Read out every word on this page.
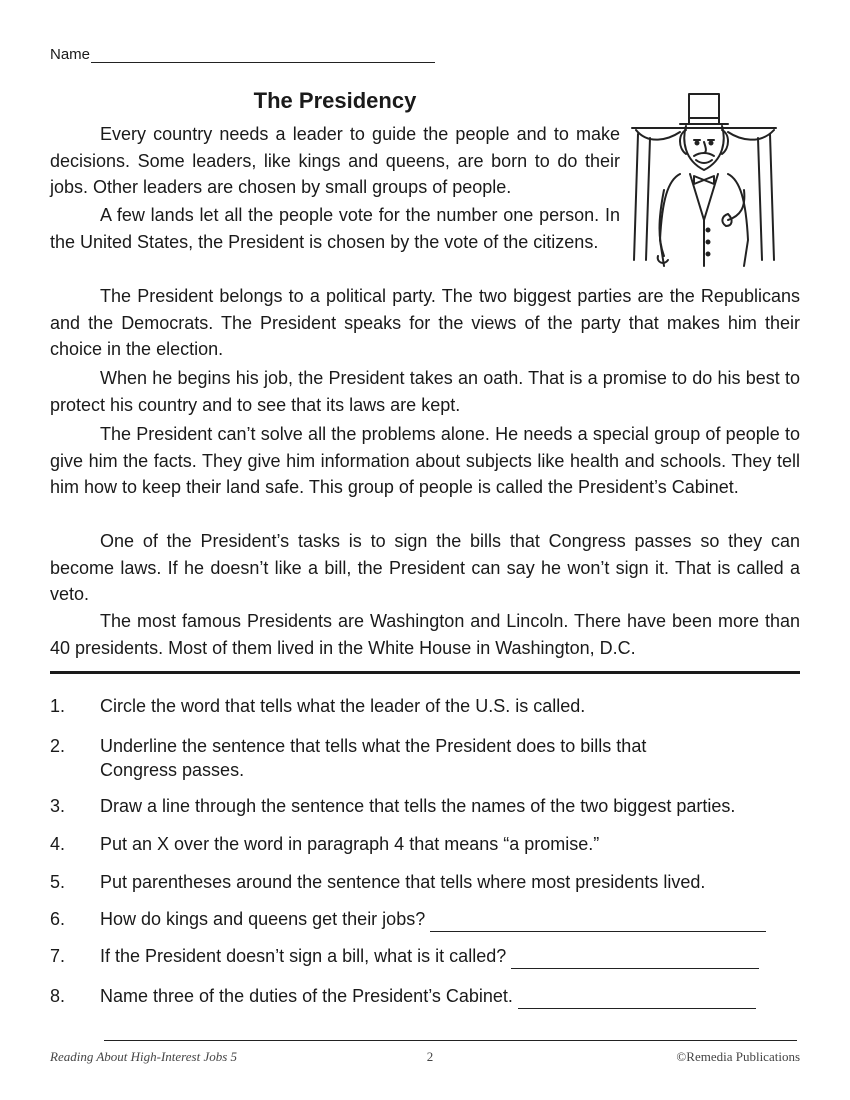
Name
The Presidency

Every country needs a leader to guide the people and to make decisions. Some leaders, like kings and queens, are born to do their jobs. Other leaders are chosen by small groups of people.

A few lands let all the people vote for the number one person. In the United States, the President is chosen by the vote of the citizens.

The President belongs to a political party. The two biggest parties are the Republicans and the Democrats. The President speaks for the views of the party that makes him their choice in the election.

When he begins his job, the President takes an oath. That is a promise to do his best to protect his country and to see that its laws are kept.

The President can’t solve all the problems alone. He needs a special group of people to give him the facts. They give him information about subjects like health and schools. They tell him how to keep their land safe. This group of people is called the President’s Cabinet.

One of the President’s tasks is to sign the bills that Congress passes so they can become laws. If he doesn’t like a bill, the President can say he won’t sign it. That is called a veto.

The most famous Presidents are Washington and Lincoln. There have been more than 40 presidents. Most of them lived in the White House in Washington, D.C.

1. Circle the word that tells what the leader of the U.S. is called.
2. Underline the sentence that tells what the President does to bills that
Congress passes.
3. Draw a line through the sentence that tells the names of the two biggest parties.
4. Put an X over the word in paragraph 4 that means “a promise.”
5. Put parentheses around the sentence that tells where most presidents lived.
6. How do kings and queens get their jobs?
7. If the President doesn’t sign a bill, what is it called?
8. Name three of the duties of the President’s Cabinet.
Reading About High-Interest Jobs 5	2	©Remedia Publications
